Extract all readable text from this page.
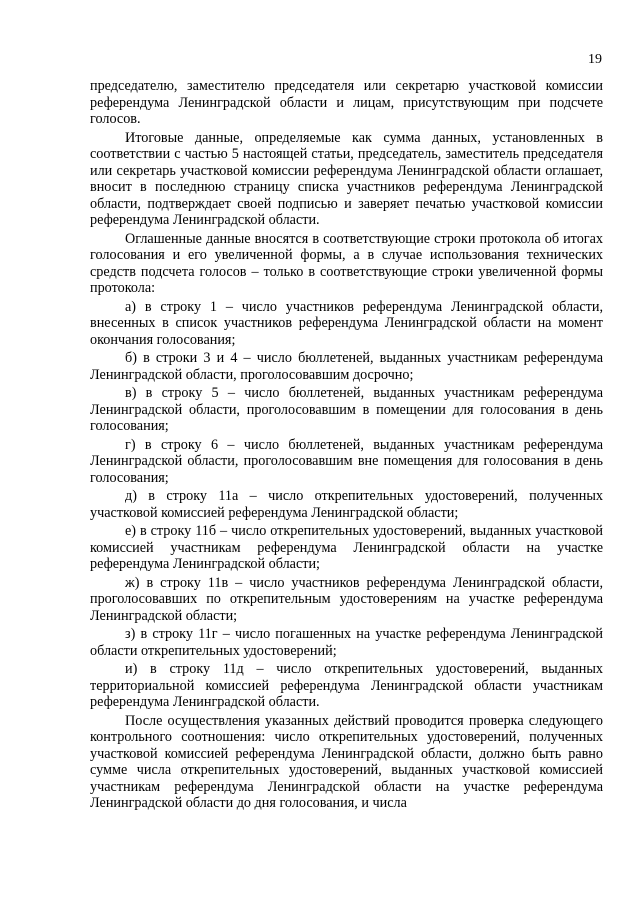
19

председателю, заместителю председателя или секретарю участковой комиссии референдума Ленинградской области и лицам, присутствующим при подсчете голосов.

Итоговые данные, определяемые как сумма данных, установленных в соответствии с частью 5 настоящей статьи, председатель, заместитель председателя или секретарь участковой комиссии референдума Ленинградской области оглашает, вносит в последнюю страницу списка участников референдума Ленинградской области, подтверждает своей подписью и заверяет печатью участковой комиссии референдума Ленинградской области.

Оглашенные данные вносятся в соответствующие строки протокола об итогах голосования и его увеличенной формы, а в случае использования технических средств подсчета голосов – только в соответствующие строки увеличенной формы протокола:

а) в строку 1 – число участников референдума Ленинградской области, внесенных в список участников референдума Ленинградской области на момент окончания голосования;

б) в строки 3 и 4 – число бюллетеней, выданных участникам референдума Ленинградской области, проголосовавшим досрочно;

в) в строку 5 – число бюллетеней, выданных участникам референдума Ленинградской области, проголосовавшим в помещении для голосования в день голосования;

г) в строку 6 – число бюллетеней, выданных участникам референдума Ленинградской области, проголосовавшим вне помещения для голосования в день голосования;

д) в строку 11а – число открепительных удостоверений, полученных участковой комиссией референдума Ленинградской области;

е) в строку 11б – число открепительных удостоверений, выданных участковой комиссией участникам референдума Ленинградской области на участке референдума Ленинградской области;

ж) в строку 11в – число участников референдума Ленинградской области, проголосовавших по открепительным удостоверениям на участке референдума Ленинградской области;

з) в строку 11г – число погашенных на участке референдума Ленинградской области открепительных удостоверений;

и) в строку 11д – число открепительных удостоверений, выданных территориальной комиссией референдума Ленинградской области участникам референдума Ленинградской области.

После осуществления указанных действий проводится проверка следующего контрольного соотношения: число открепительных удостоверений, полученных участковой комиссией референдума Ленинградской области, должно быть равно сумме числа открепительных удостоверений, выданных участковой комиссией участникам референдума Ленинградской области на участке референдума Ленинградской области до дня голосования, и числа
